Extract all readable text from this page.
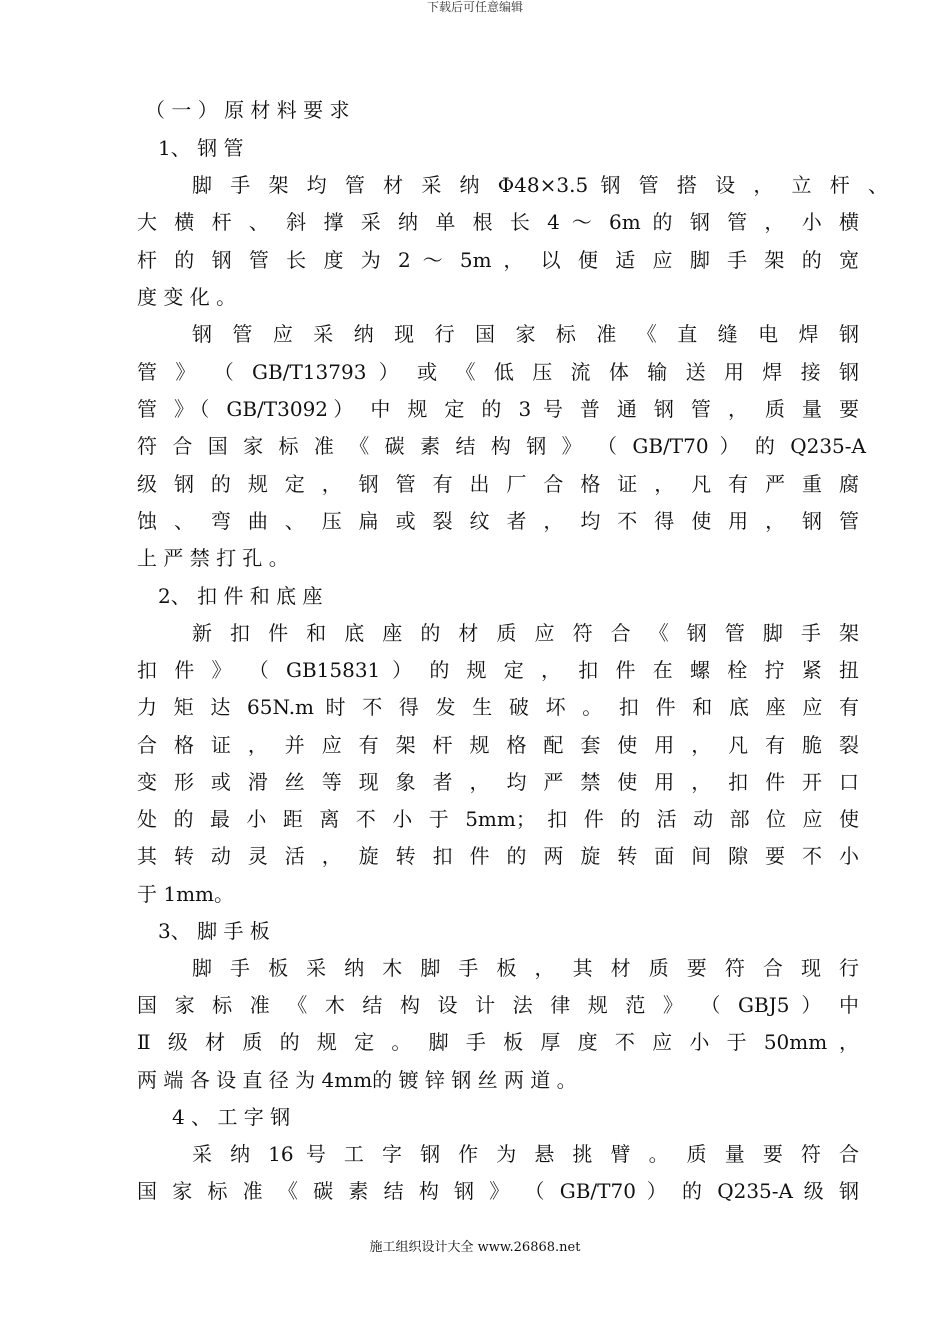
下载后可任意编辑
（ 一 ） 原 材 料 要 求
1、 钢 管
脚 手 架 均 管 材 采 纳 Φ48×3.5 钢 管 搭 设 ， 立 杆 、
大 横 杆 、 斜 撑 采 纳 单 根 长 4 ～ 6m 的 钢 管 ， 小 横
杆 的 钢 管 长 度 为 2 ～ 5m ， 以 便 适 应 脚 手 架 的 宽
度 变 化 。
钢 管 应 采 纳 现 行 国 家 标 准 《 直 缝 电 焊 钢
管 》 （ GB/T13793 ） 或 《 低 压 流 体 输 送 用 焊 接 钢
管 》（ GB/T3092） 中 规 定 的 3 号 普 通 钢 管 ， 质 量 要
符 合 国 家 标 准 《 碳 素 结 构 钢 》 （ GB/T70 ） 的 Q235-A
级 钢 的 规 定 ， 钢 管 有 出 厂 合 格 证 ， 凡 有 严 重 腐
蚀 、 弯 曲 、 压 扁 或 裂 纹 者 ， 均 不 得 使 用 ， 钢 管
上 严 禁 打 孔 。
2、 扣 件 和 底 座
新 扣 件 和 底 座 的 材 质 应 符 合 《 钢 管 脚 手 架
扣 件 》 （ GB15831 ） 的 规 定 ， 扣 件 在 螺 栓 拧 紧 扭
力 矩 达 65N.m 时 不 得 发 生 破 坏 。 扣 件 和 底 座 应 有
合 格 证 ， 并 应 有 架 杆 规 格 配 套 使 用 ， 凡 有 脆 裂
变 形 或 滑 丝 等 现 象 者 ， 均 严 禁 使 用 ， 扣 件 开 口
处 的 最 小 距 离 不 小 于 5mm； 扣 件 的 活 动 部 位 应 使
其 转 动 灵 活 ， 旋 转 扣 件 的 两 旋 转 面 间 隙 要 不 小
于 1mm。
3、 脚 手 板
脚 手 板 采 纳 木 脚 手 板 ， 其 材 质 要 符 合 现 行
国 家 标 准 《 木 结 构 设 计 法 律 规 范 》 （ GBJ5 ） 中
Ⅱ 级 材 质 的 规 定 。 脚 手 板 厚 度 不 应 小 于 50mm ，
两 端 各 设 直 径 为 4mm的 镀 锌 钢 丝 两 道 。
4 、 工 字 钢
采 纳 16 号 工 字 钢 作 为 悬 挑 臂 。 质 量 要 符 合
国 家 标 准 《 碳 素 结 构 钢 》 （ GB/T70 ） 的 Q235-A 级 钢
施工组织设计大全 www.26868.net
